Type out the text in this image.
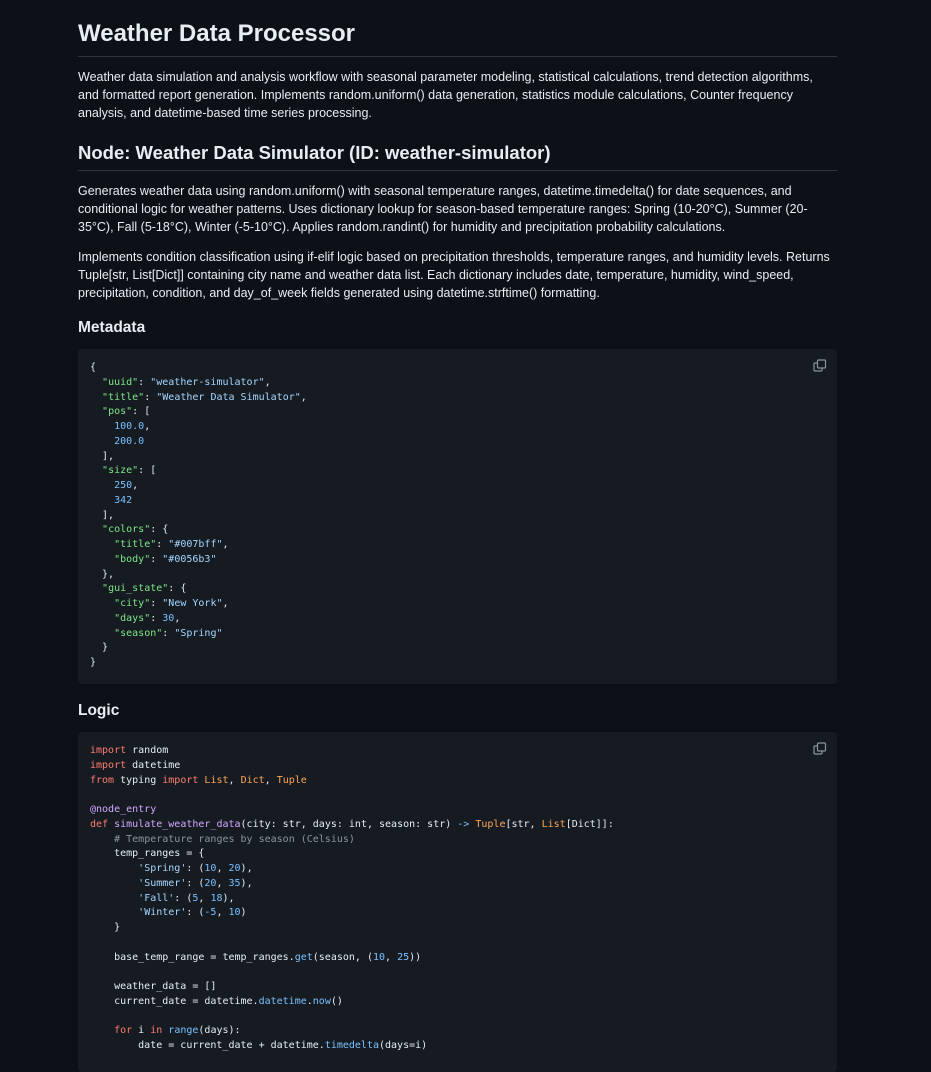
Weather Data Processor

Weather data simulation and analysis workflow with seasonal parameter modeling, statistical calculations, trend detection algorithms, and formatted report generation. Implements random.uniform() data generation, statistics module calculations, Counter frequency analysis, and datetime-based time series processing.

Node: Weather Data Simulator (ID: weather-simulator)

Generates weather data using random.uniform() with seasonal temperature ranges, datetime.timedelta() for date sequences, and conditional logic for weather patterns. Uses dictionary lookup for season-based temperature ranges: Spring (10-20°C), Summer (20-35°C), Fall (5-18°C), Winter (-5-10°C). Applies random.randint() for humidity and precipitation probability calculations.

Implements condition classification using if-elif logic based on precipitation thresholds, temperature ranges, and humidity levels. Returns Tuple[str, List[Dict]] containing city name and weather data list. Each dictionary includes date, temperature, humidity, wind_speed, precipitation, condition, and day_of_week fields generated using datetime.strftime() formatting.

Metadata
{
"uuid": "weather-simulator",
"title": "Weather Data Simulator",
"pos": [
100.0,
200.0
],
"size": [
250,
342
],
"colors": {
"title": "#007bff",
"body": "#0056b3"
},
"gui_state": {
"city": "New York",
"days": 30,
"season": "Spring"
}
}
Logic
import random
import datetime
from typing import List, Dict, Tuple

@node_entry
def simulate_weather_data(city: str, days: int, season: str) -> Tuple[str, List[Dict]]:
# Temperature ranges by season (Celsius)
temp_ranges = {
'Spring': (10, 20),
'Summer': (20, 35),
'Fall': (5, 18),
'Winter': (-5, 10)
}

base_temp_range = temp_ranges.get(season, (10, 25))

weather_data = []
current_date = datetime.datetime.now()

for i in range(days):
date = current_date + datetime.timedelta(days=i)
